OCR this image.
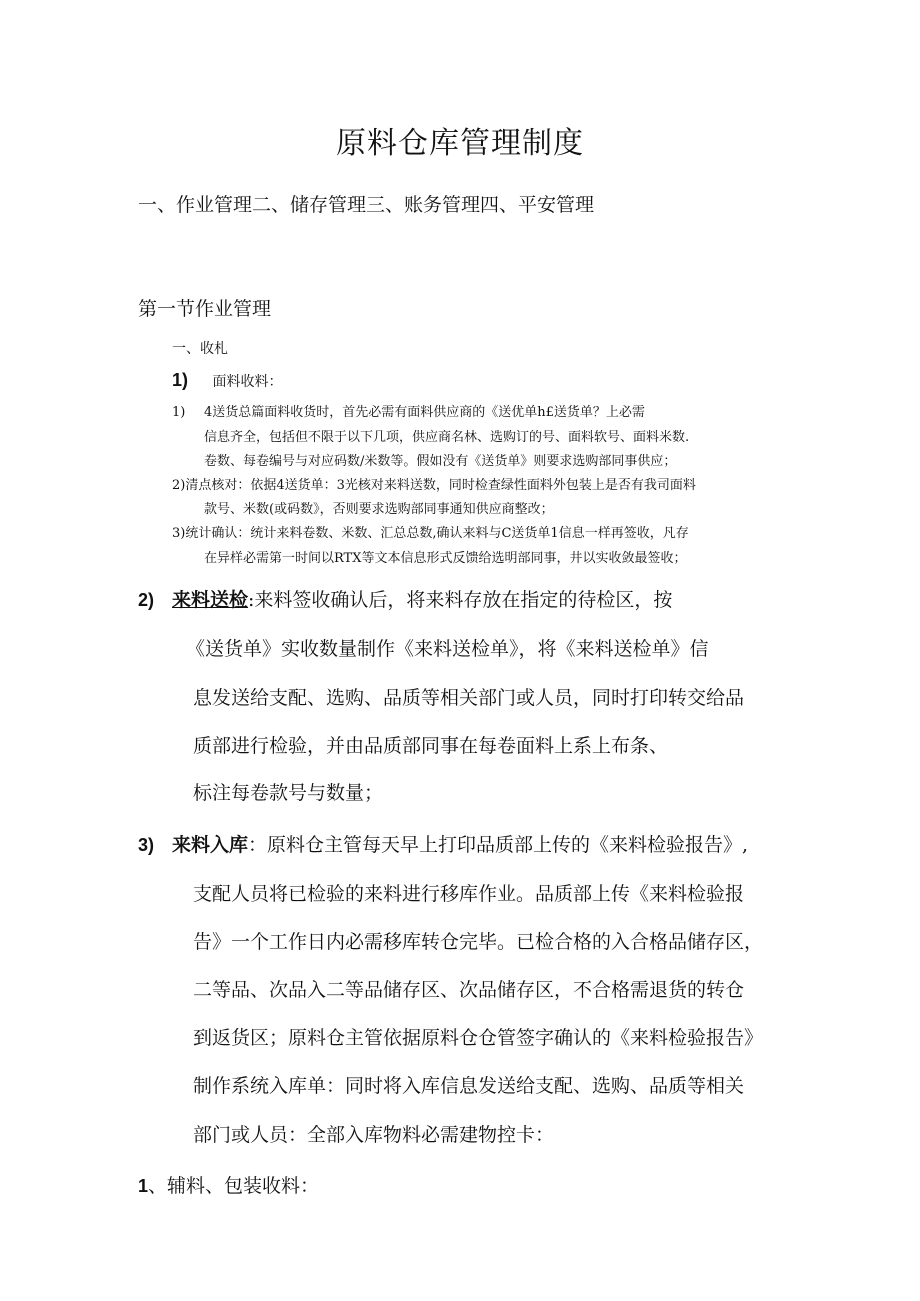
原料仓库管理制度
一、作业管理二、储存管理三、账务管理四、平安管理
第一节作业管理
一、收札
1) 面料收料：
1) 4送货总篇面料收货时，首先必需有面料供应商的《送优单h£送货单？上必需
信息齐全，包括但不限于以下几项，供应商名林、选购订的号、面料软号、面料米数.
卷数、每卷编号与对应码数/米数等。假如没有《送货单》则要求选购部同事供应；
2)清点核对：依据4送货单：3光核对来料送数，同时检查绿性面料外包装上是否有我司面料
款号、米数(或码数》，否则要求选购部同事通知供应商整改；
3)统计确认：统计来料卷数、米数、汇总总数,确认来料与C送货单1信息一样再签收，凡存
在异样必需第一时间以RTX等文本信息形式反馈给选明部同事，井以实收敛最签收；
2) 来料送检:来料签收确认后，将来料存放在指定的待检区，按
《送货单》实收数量制作《来料送检单》，将《来料送检单》信
息发送给支配、选购、品质等相关部门或人员，同时打印转交给品
质部进行检验，并由品质部同事在每卷面料上系上布条、
标注每卷款号与数量；
3) 来料入库：原料仓主管每天早上打印品质部上传的《来料检验报告》,
支配人员将已检验的来料进行移库作业。品质部上传《来料检验报
告》一个工作日内必需移库转仓完毕。已检合格的入合格品储存区，
二等品、次品入二等品储存区、次品储存区，不合格需退货的转仓
到返货区；原料仓主管依据原料仓仓管签字确认的《来料检验报告》
制作系统入库单：同时将入库信息发送给支配、选购、品质等相关
部门或人员：全部入库物料必需建物控卡：
1、辅料、包装收料：
